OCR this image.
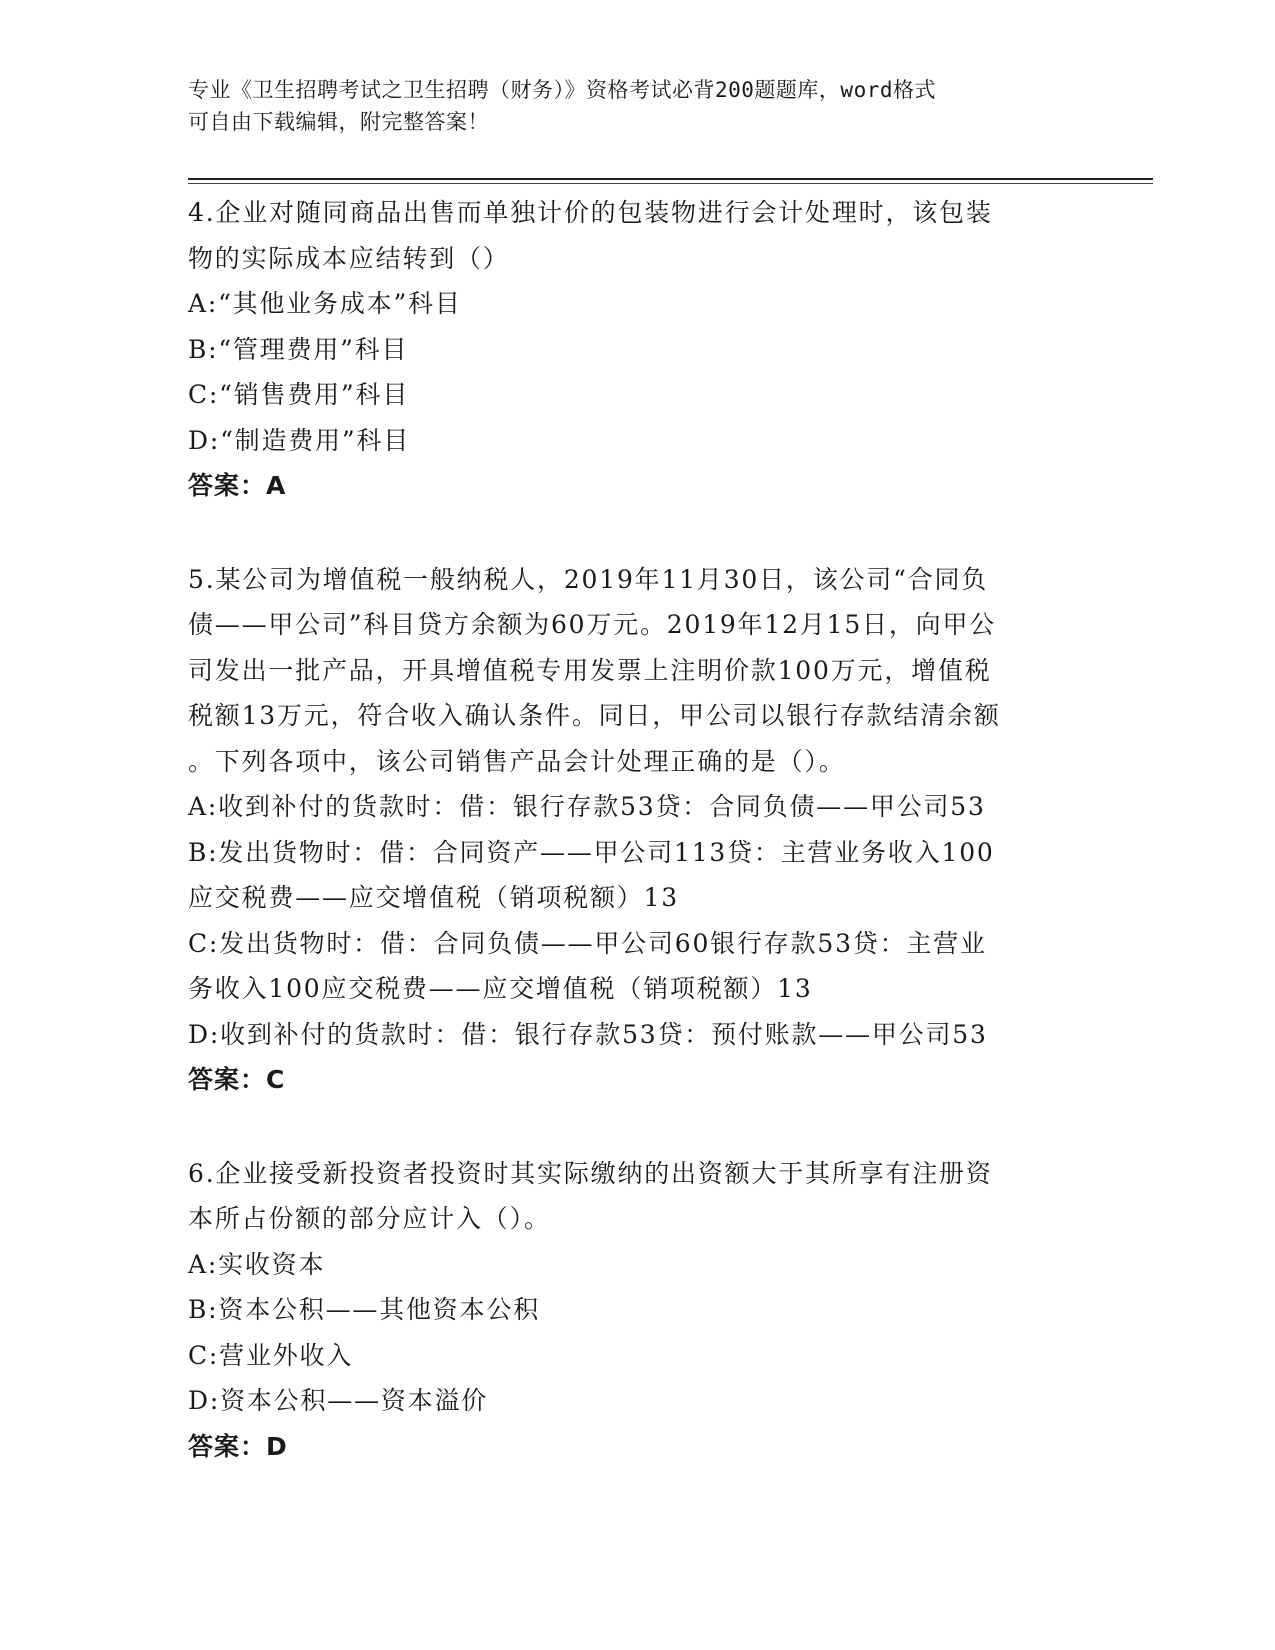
专业《卫生招聘考试之卫生招聘（财务）》资格考试必背200题题库，word格式
可自由下载编辑，附完整答案！
4.企业对随同商品出售而单独计价的包装物进行会计处理时，该包装
物的实际成本应结转到（）
A:“其他业务成本”科目
B:“管理费用”科目
C:“销售费用”科目
D:“制造费用”科目
答案：A
5.某公司为增值税一般纳税人，2019年11月30日，该公司“合同负
债——甲公司”科目贷方余额为60万元。2019年12月15日，向甲公
司发出一批产品，开具增值税专用发票上注明价款100万元，增值税
税额13万元，符合收入确认条件。同日，甲公司以银行存款结清余额
。下列各项中，该公司销售产品会计处理正确的是（）。
A:收到补付的货款时：借：银行存款53贷：合同负债——甲公司53
B:发出货物时：借：合同资产——甲公司113贷：主营业务收入100
应交税费——应交增值税（销项税额）13
C:发出货物时：借：合同负债——甲公司60银行存款53贷：主营业
务收入100应交税费——应交增值税（销项税额）13
D:收到补付的货款时：借：银行存款53贷：预付账款——甲公司53
答案：C
6.企业接受新投资者投资时其实际缴纳的出资额大于其所享有注册资
本所占份额的部分应计入（）。
A:实收资本
B:资本公积——其他资本公积
C:营业外收入
D:资本公积——资本溢价
答案：D
